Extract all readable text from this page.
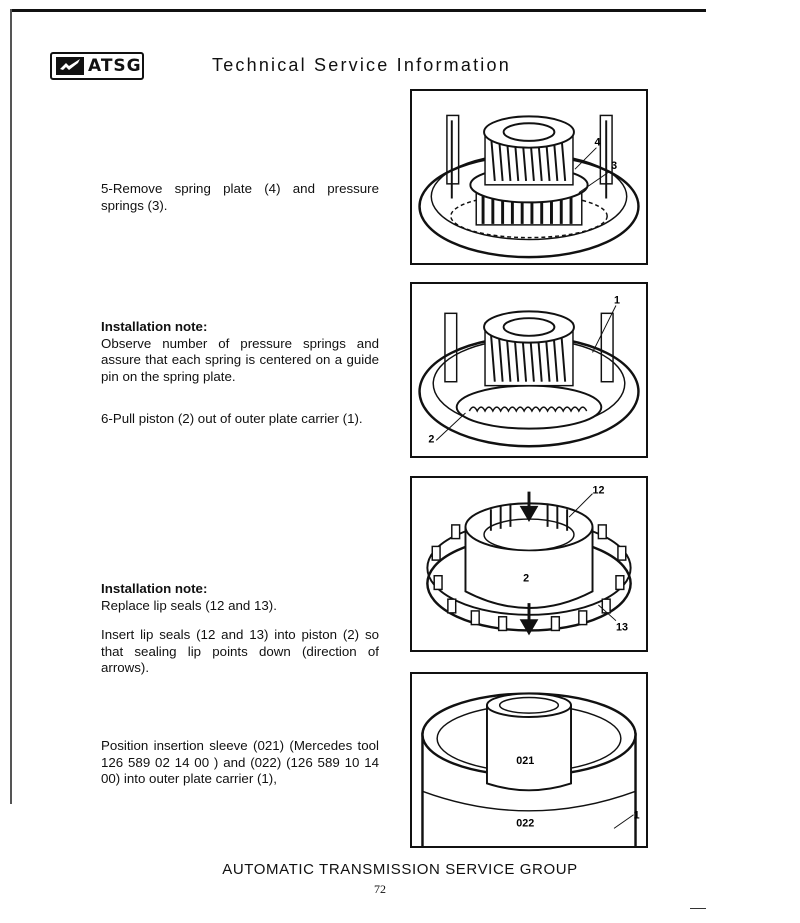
ATSG	Technical Service Information

5-Remove spring plate (4) and pressure springs (3).

Installation note:

Observe number of pressure springs and assure that each spring is centered on a guide pin on the spring plate.

6-Pull piston (2) out of outer plate carrier (1).

Installation note:

Replace lip seals (12 and 13).

Insert lip seals (12 and 13) into piston (2) so that sealing lip points down (direction of arrows).

Position insertion sleeve (021) (Mercedes tool 126 589 02 14 00 ) and (022) (126 589 10 14 00) into outer plate carrier (1),

4
3
1
2
12
2
13
021
022
1
AUTOMATIC TRANSMISSION SERVICE GROUP
72
